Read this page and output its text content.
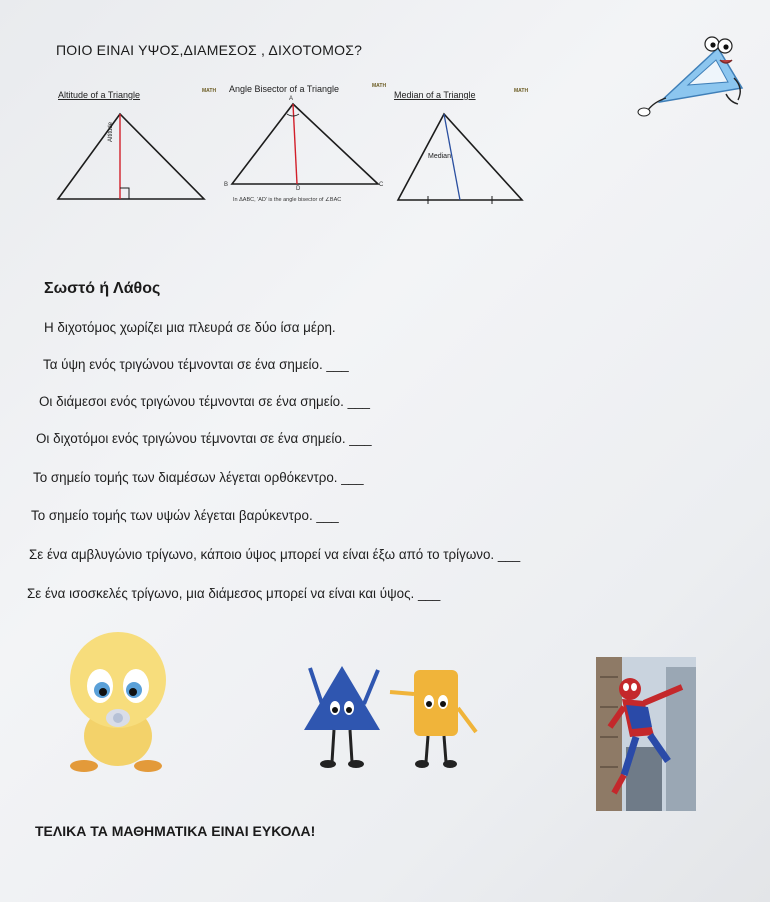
ΠΟΙΟ ΕΙΝΑΙ ΥΨΟΣ,ΔΙΑΜΕΣΟΣ , ΔΙΧΟΤΟΜΟΣ?
Altitude of a Triangle	MATH
Altitude
Angle Bisector of a Triangle	MATH
A
B	C
D
In ΔABC, 'AD' is the angle bisector of ∠BAC
Median of a Triangle	MATH
Median
Σωστό ή Λάθος
Η διχοτόμος χωρίζει μια πλευρά σε δύο ίσα μέρη.
Τα ύψη ενός τριγώνου τέμνονται σε ένα σημείο. ___
Οι διάμεσοι ενός τριγώνου τέμνονται σε ένα σημείο. ___
Οι διχοτόμοι ενός τριγώνου τέμνονται σε ένα σημείο. ___
Το σημείο τομής των διαμέσων λέγεται ορθόκεντρο. ___
Το σημείο τομής των υψών λέγεται βαρύκεντρο. ___
Σε ένα αμβλυγώνιο τρίγωνο, κάποιο ύψος μπορεί να είναι έξω από το τρίγωνο. ___
Σε ένα ισοσκελές τρίγωνο, μια διάμεσος μπορεί να είναι και ύψος. ___
ΤΕΛΙΚΑ ΤΑ ΜΑΘΗΜΑΤΙΚΑ ΕΙΝΑΙ ΕΥΚΟΛΑ!
